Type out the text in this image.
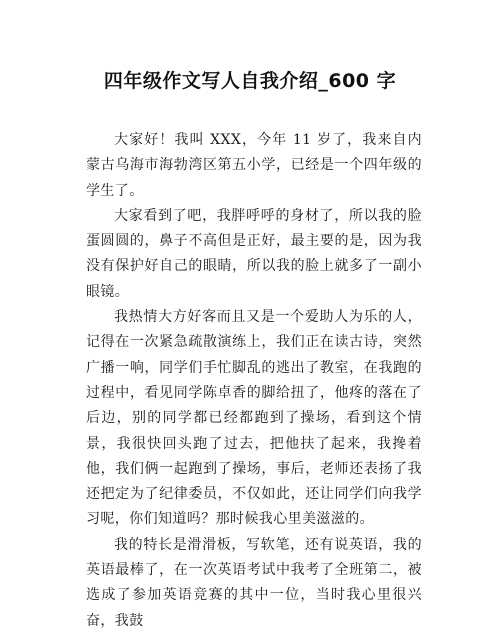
四年级作文写人自我介绍_600 字

大家好！我叫 XXX，今年 11 岁了，我来自内蒙古乌海市海勃湾区第五小学，已经是一个四年级的学生了。

大家看到了吧，我胖呼呼的身材了，所以我的脸蛋圆圆的，鼻子不高但是正好，最主要的是，因为我没有保护好自己的眼睛，所以我的脸上就多了一副小眼镜。

我热情大方好客而且又是一个爱助人为乐的人，记得在一次紧急疏散演练上，我们正在读古诗，突然广播一响，同学们手忙脚乱的逃出了教室，在我跑的过程中，看见同学陈卓香的脚给扭了，他疼的落在了后边，别的同学都已经都跑到了操场，看到这个情景，我很快回头跑了过去，把他扶了起来，我搀着他，我们俩一起跑到了操场，事后，老师还表扬了我还把定为了纪律委员，不仅如此，还让同学们向我学习呢，你们知道吗？那时候我心里美滋滋的。

我的特长是滑滑板，写软笔，还有说英语，我的英语最棒了，在一次英语考试中我考了全班第二，被选成了参加英语竞赛的其中一位，当时我心里很兴奋，我鼓
